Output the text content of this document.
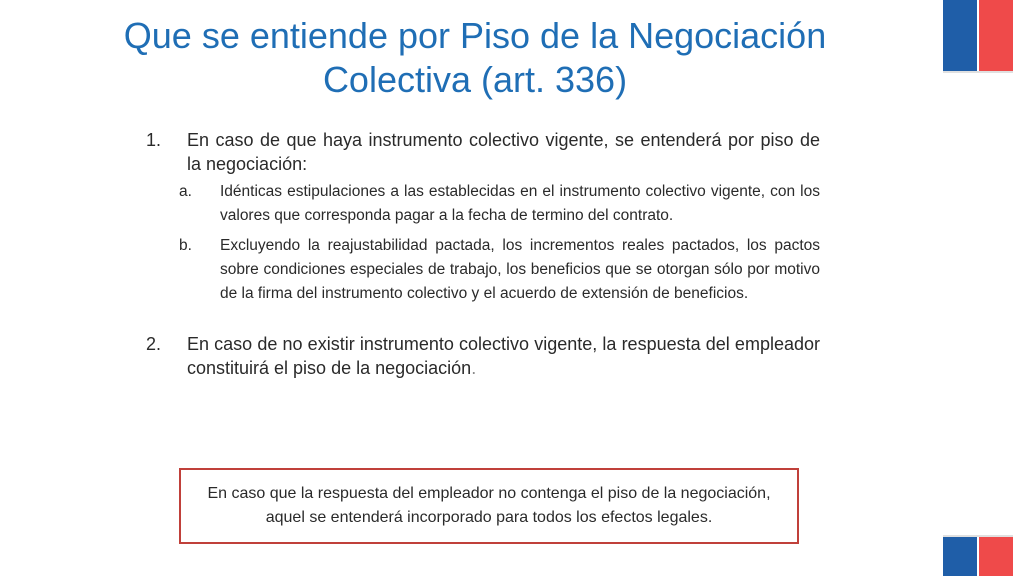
Que se entiende por Piso de la Negociación
Colectiva (art. 336)
1.	En caso de que haya instrumento colectivo vigente, se entenderá por piso de la negociación:
a.	Idénticas estipulaciones a las establecidas en el instrumento colectivo vigente, con los valores que corresponda pagar a la fecha de termino del contrato.
b.	Excluyendo la reajustabilidad pactada, los incrementos reales pactados, los pactos sobre condiciones especiales de trabajo, los beneficios que se otorgan sólo por motivo de la firma del instrumento colectivo y el acuerdo de extensión de beneficios.
2.	En caso de no existir instrumento colectivo vigente, la respuesta del empleador constituirá el piso de la negociación.
En caso que la respuesta del empleador no contenga el piso de la negociación, aquel se entenderá incorporado para todos los efectos legales.
